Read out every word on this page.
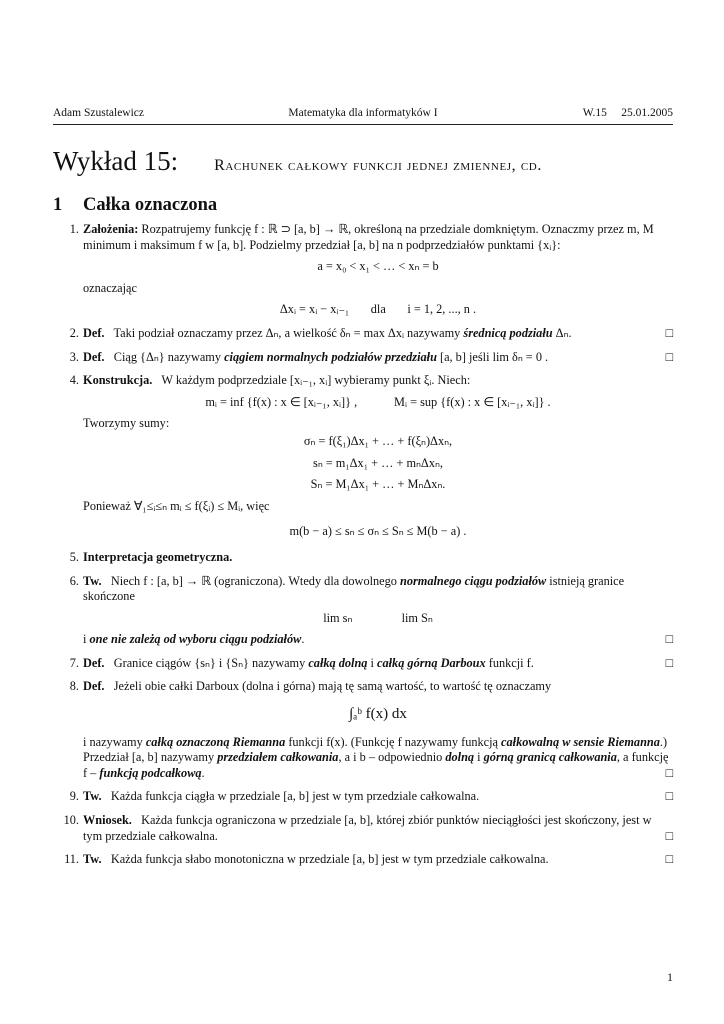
Adam Szustalewicz	Matematyka dla informatyków I	W.15 25.01.2005
Wykład 15: Rachunek całkowy funkcji jednej zmiennej, cd.
1 Całka oznaczona
1. Założenia: Rozpatrujemy funkcję f : ℝ ⊃ [a, b] → ℝ, określoną na przedziale domkniętym. Oznaczmy przez m, M minimum i maksimum f w [a, b]. Podzielmy przedział [a, b] na n podprzedziałów punktami {xᵢ}:
a = x₀ < x₁ < … < xₙ = b
oznaczając
Δxᵢ = xᵢ − xᵢ₋₁ dla i = 1, 2, ..., n .
2. Def. Taki podział oznaczamy przez Δₙ, a wielkość δₙ = max Δxᵢ nazywamy średnicą podziału Δₙ.	□
3. Def. Ciąg {Δₙ} nazywamy ciągiem normalnych podziałów przedziału [a, b] jeśli lim δₙ = 0 .	□
4. Konstrukcja. W każdym podprzedziale [xᵢ₋₁, xᵢ] wybieramy punkt ξᵢ. Niech:
mᵢ = inf {f(x) : x ∈ [xᵢ₋₁, xᵢ]} ,	Mᵢ = sup {f(x) : x ∈ [xᵢ₋₁, xᵢ]} .
Tworzymy sumy:
σₙ = f(ξ₁)Δx₁ + … + f(ξₙ)Δxₙ,
sₙ = m₁Δx₁ + … + mₙΔxₙ,
Sₙ = M₁Δx₁ + … + MₙΔxₙ.
Ponieważ ∀₁≤ᵢ≤ₙ mᵢ ≤ f(ξᵢ) ≤ Mᵢ, więc
m(b − a) ≤ sₙ ≤ σₙ ≤ Sₙ ≤ M(b − a) .
5. Interpretacja geometryczna.
6. Tw. Niech f : [a, b] → ℝ (ograniczona). Wtedy dla dowolnego normalnego ciągu podziałów istnieją granice skończone
lim sₙ	lim Sₙ
i one nie zależą od wyboru ciągu podziałów.	□
7. Def. Granice ciągów {sₙ} i {Sₙ} nazywamy całką dolną i całką górną Darboux funkcji f.	□
8. Def. Jeżeli obie całki Darboux (dolna i górna) mają tę samą wartość, to wartość tę oznaczamy
∫ₐᵇ f(x) dx
i nazywamy całką oznaczoną Riemanna funkcji f(x). (Funkcję f nazywamy funkcją całkowalną w sensie Riemanna.) Przedział [a, b] nazywamy przedziałem całkowania, a i b – odpowiednio dolną i górną granicą całkowania, a funkcję f – funkcją podcałkową.	□
9. Tw. Każda funkcja ciągła w przedziale [a, b] jest w tym przedziale całkowalna.	□
10. Wniosek. Każda funkcja ograniczona w przedziale [a, b], której zbiór punktów nieciągłości jest skończony, jest w tym przedziale całkowalna.	□
11. Tw. Każda funkcja słabo monotoniczna w przedziale [a, b] jest w tym przedziale całkowalna.	□
1
